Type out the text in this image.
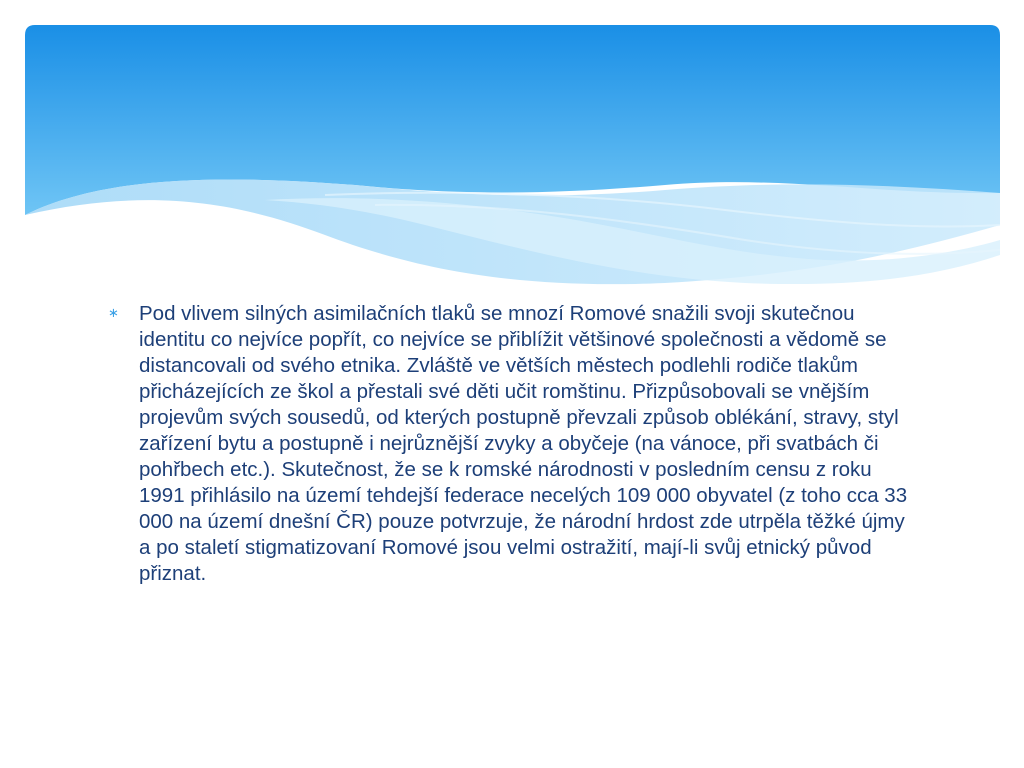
∗ Pod vlivem silných asimilačních tlaků se mnozí Romové snažili svoji skutečnou identitu co nejvíce popřít, co nejvíce se přiblížit většinové společnosti a vědomě se distancovali od svého etnika. Zvláště ve větších městech podlehli rodiče tlakům přicházejících ze škol a přestali své děti učit romštinu. Přizpůsobovali se vnějším projevům svých sousedů, od kterých postupně převzali způsob oblékání, stravy, styl zařízení bytu a postupně i nejrůznější zvyky a obyčeje (na vánoce, při svatbách či pohřbech etc.). Skutečnost, že se k romské národnosti v posledním censu z roku 1991 přihlásilo na území tehdejší federace necelých 109 000 obyvatel (z toho cca 33 000 na území dnešní ČR) pouze potvrzuje, že národní hrdost zde utrpěla těžké újmy a po staletí stigmatizovaní Romové jsou velmi ostražití, mají-li svůj etnický původ přiznat.
